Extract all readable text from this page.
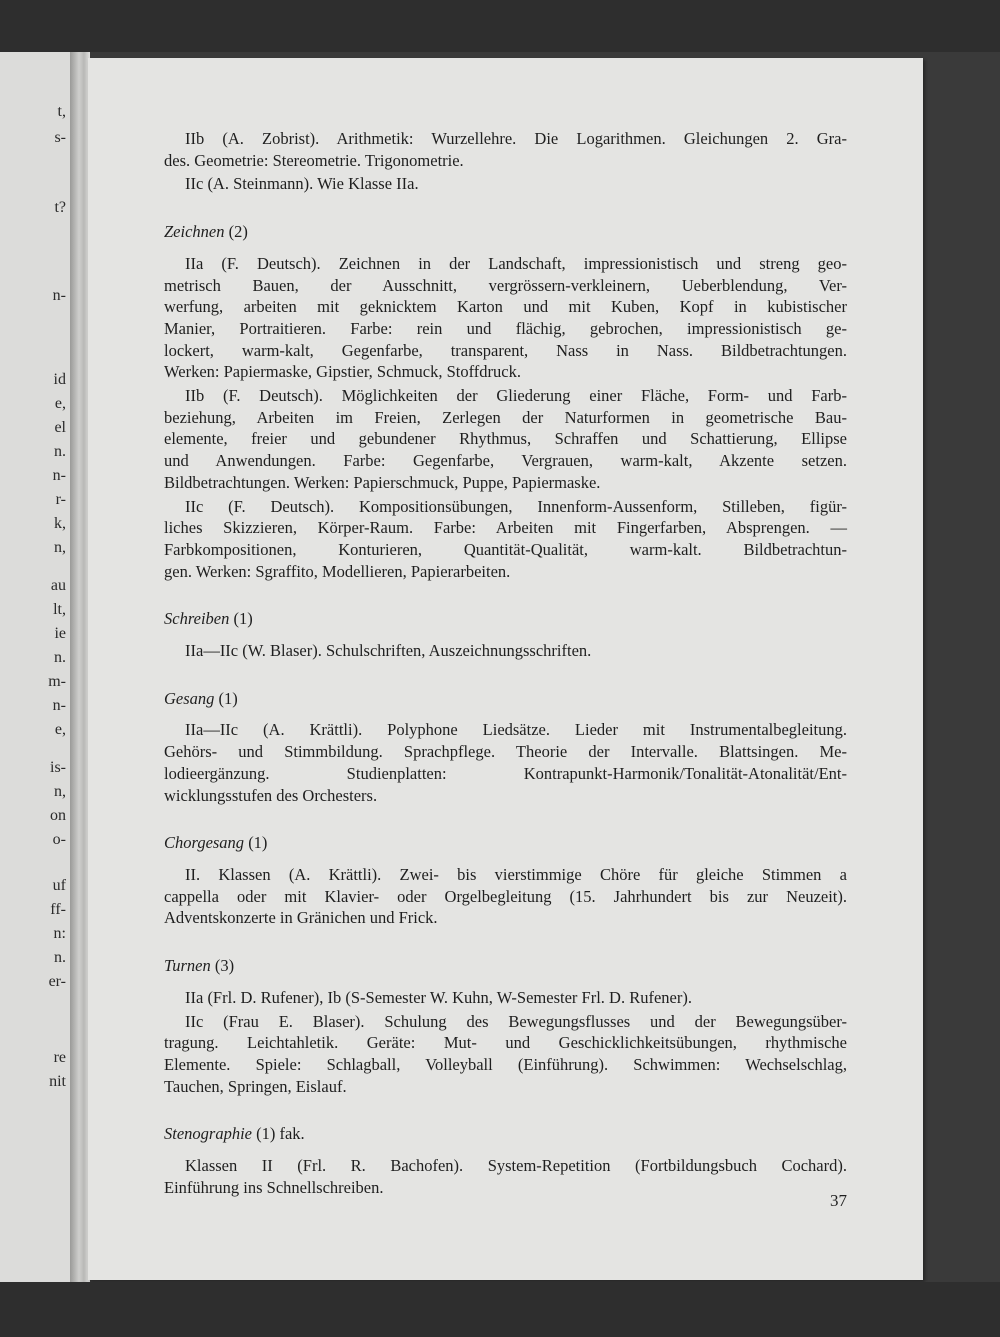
t,
s-
t?
n-
id
e,
el
n.
n-
r-
k,
n,
au
lt,
ie
n.
m-
n-
e,
is-
n,
on
o-
uf
ff-
n:
n.
er-
re
nit
IIb (A. Zobrist). Arithmetik: Wurzellehre. Die Logarithmen. Gleichungen 2. Gra-
des. Geometrie: Stereometrie. Trigonometrie.
IIc (A. Steinmann). Wie Klasse IIa.
Zeichnen (2)
IIa (F. Deutsch). Zeichnen in der Landschaft, impressionistisch und streng geo-
metrisch Bauen, der Ausschnitt, vergrössern-verkleinern, Ueberblendung, Ver-
werfung, arbeiten mit geknicktem Karton und mit Kuben, Kopf in kubistischer
Manier, Portraitieren. Farbe: rein und flächig, gebrochen, impressionistisch ge-
lockert, warm-kalt, Gegenfarbe, transparent, Nass in Nass. Bildbetrachtungen.
Werken: Papiermaske, Gipstier, Schmuck, Stoffdruck.
IIb (F. Deutsch). Möglichkeiten der Gliederung einer Fläche, Form- und Farb-
beziehung, Arbeiten im Freien, Zerlegen der Naturformen in geometrische Bau-
elemente, freier und gebundener Rhythmus, Schraffen und Schattierung, Ellipse
und Anwendungen. Farbe: Gegenfarbe, Vergrauen, warm-kalt, Akzente setzen.
Bildbetrachtungen. Werken: Papierschmuck, Puppe, Papiermaske.
IIc (F. Deutsch). Kompositionsübungen, Innenform-Aussenform, Stilleben, figür-
liches Skizzieren, Körper-Raum. Farbe: Arbeiten mit Fingerfarben, Absprengen. —
Farbkompositionen, Konturieren, Quantität-Qualität, warm-kalt. Bildbetrachtun-
gen. Werken: Sgraffito, Modellieren, Papierarbeiten.
Schreiben (1)
IIa—IIc (W. Blaser). Schulschriften, Auszeichnungsschriften.
Gesang (1)
IIa—IIc (A. Krättli). Polyphone Liedsätze. Lieder mit Instrumentalbegleitung.
Gehörs- und Stimmbildung. Sprachpflege. Theorie der Intervalle. Blattsingen. Me-
lodieergänzung. Studienplatten: Kontrapunkt-Harmonik/Tonalität-Atonalität/Ent-
wicklungsstufen des Orchesters.
Chorgesang (1)
II. Klassen (A. Krättli). Zwei- bis vierstimmige Chöre für gleiche Stimmen a
cappella oder mit Klavier- oder Orgelbegleitung (15. Jahrhundert bis zur Neuzeit).
Adventskonzerte in Gränichen und Frick.
Turnen (3)
IIa (Frl. D. Rufener), Ib (S-Semester W. Kuhn, W-Semester Frl. D. Rufener).
IIc (Frau E. Blaser). Schulung des Bewegungsflusses und der Bewegungsüber-
tragung. Leichtahletik. Geräte: Mut- und Geschicklichkeitsübungen, rhythmische
Elemente. Spiele: Schlagball, Volleyball (Einführung). Schwimmen: Wechselschlag,
Tauchen, Springen, Eislauf.
Stenographie (1) fak.
Klassen II (Frl. R. Bachofen). System-Repetition (Fortbildungsbuch Cochard).
Einführung ins Schnellschreiben.
37
